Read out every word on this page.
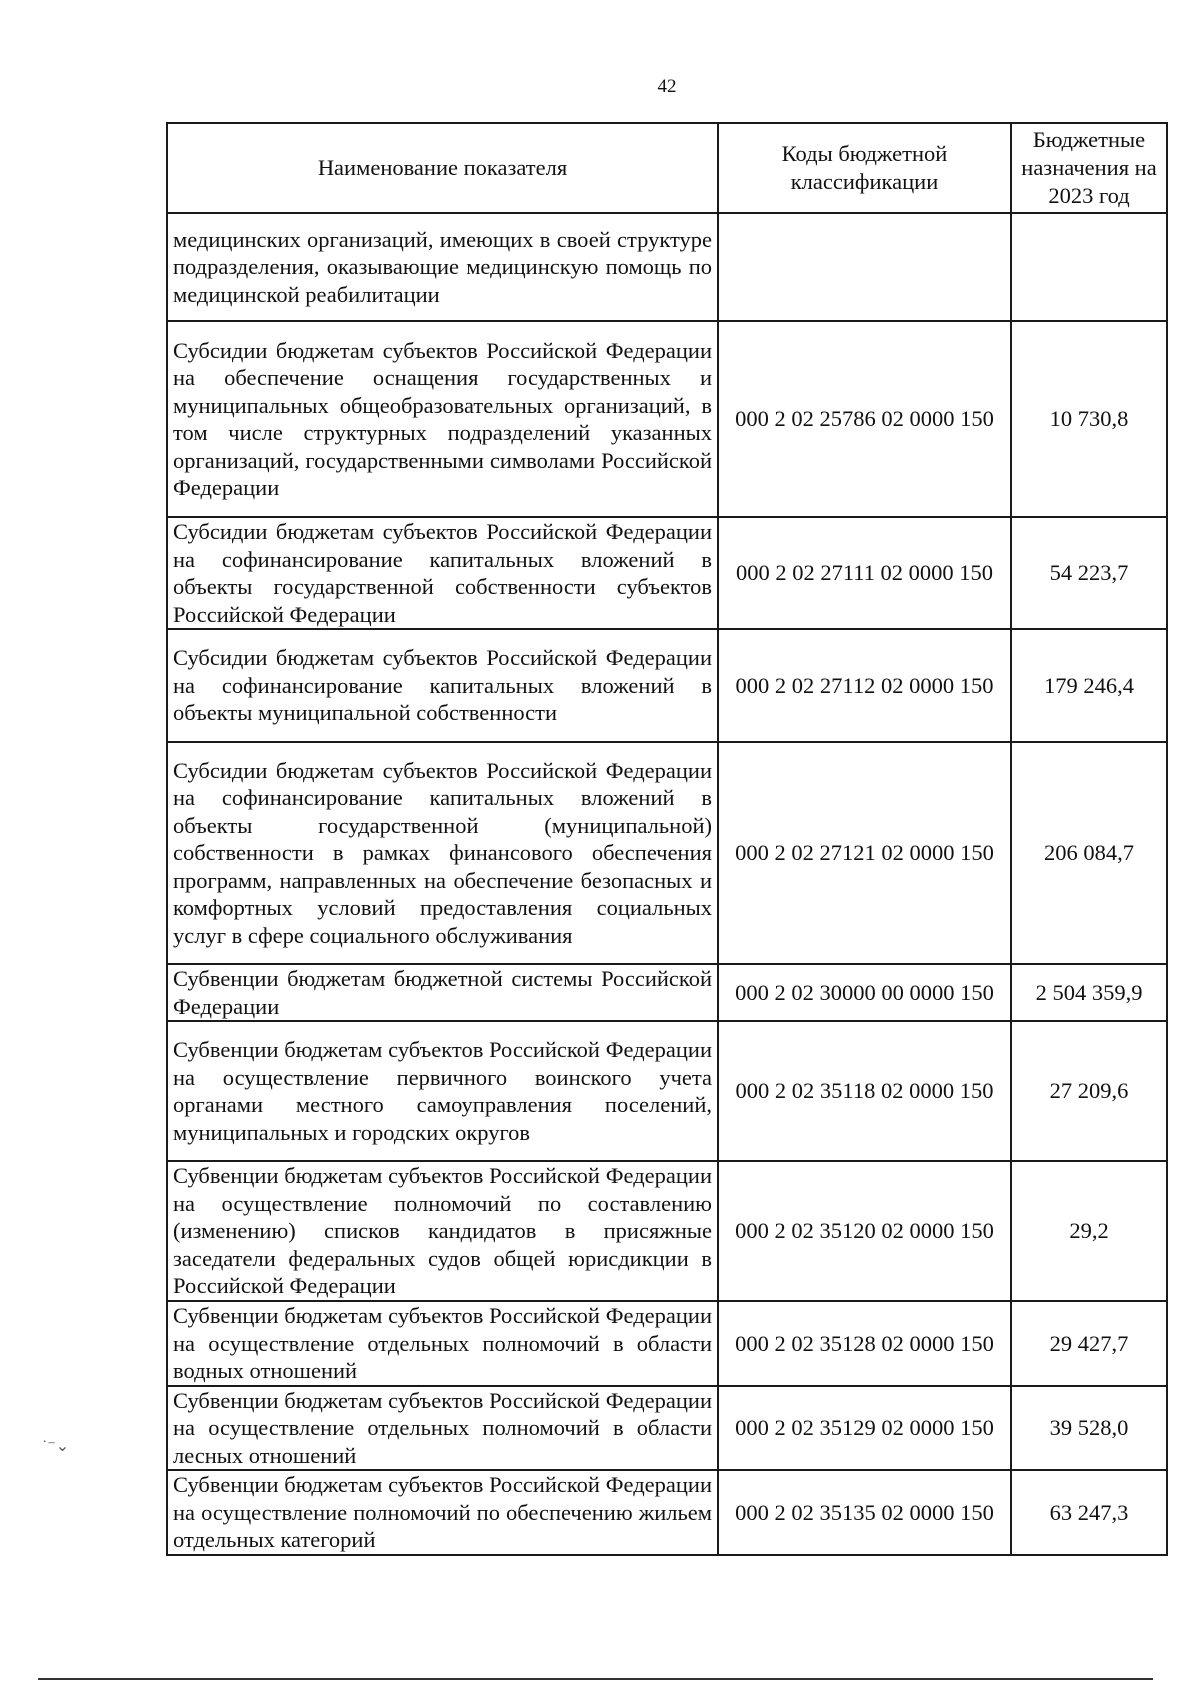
42
Наименование показателя	Коды бюджетной классификации	Бюджетные назначения на 2023 год
медицинских организаций, имеющих в своей структуре подразделения, оказывающие медицинскую помощь по медицинской реабилитации		
Субсидии бюджетам субъектов Российской Федерации на обеспечение оснащения государственных и муниципальных общеобразовательных организаций, в том числе структурных подразделений указанных организаций, государственными символами Российской Федерации	000 2 02 25786 02 0000 150	10 730,8
Субсидии бюджетам субъектов Российской Федерации на софинансирование капитальных вложений в объекты государственной собственности субъектов Российской Федерации	000 2 02 27111 02 0000 150	54 223,7
Субсидии бюджетам субъектов Российской Федерации на софинансирование капитальных вложений в объекты муниципальной собственности	000 2 02 27112 02 0000 150	179 246,4
Субсидии бюджетам субъектов Российской Федерации на софинансирование капитальных вложений в объекты государственной (муниципальной) собственности в рамках финансового обеспечения программ, направленных на обеспечение безопасных и комфортных условий предоставления социальных услуг в сфере социального обслуживания	000 2 02 27121 02 0000 150	206 084,7
Субвенции бюджетам бюджетной системы Российской Федерации	000 2 02 30000 00 0000 150	2 504 359,9
Субвенции бюджетам субъектов Российской Федерации на осуществление первичного воинского учета органами местного самоуправления поселений, муниципальных и городских округов	000 2 02 35118 02 0000 150	27 209,6
Субвенции бюджетам субъектов Российской Федерации на осуществление полномочий по составлению (изменению) списков кандидатов в присяжные заседатели федеральных судов общей юрисдикции в Российской Федерации	000 2 02 35120 02 0000 150	29,2
Субвенции бюджетам субъектов Российской Федерации на осуществление отдельных полномочий в области водных отношений	000 2 02 35128 02 0000 150	29 427,7
Субвенции бюджетам субъектов Российской Федерации на осуществление отдельных полномочий в области лесных отношений	000 2 02 35129 02 0000 150	39 528,0
Субвенции бюджетам субъектов Российской Федерации на осуществление полномочий по обеспечению жильем отдельных категорий	000 2 02 35135 02 0000 150	63 247,3
˙⁻⌄
